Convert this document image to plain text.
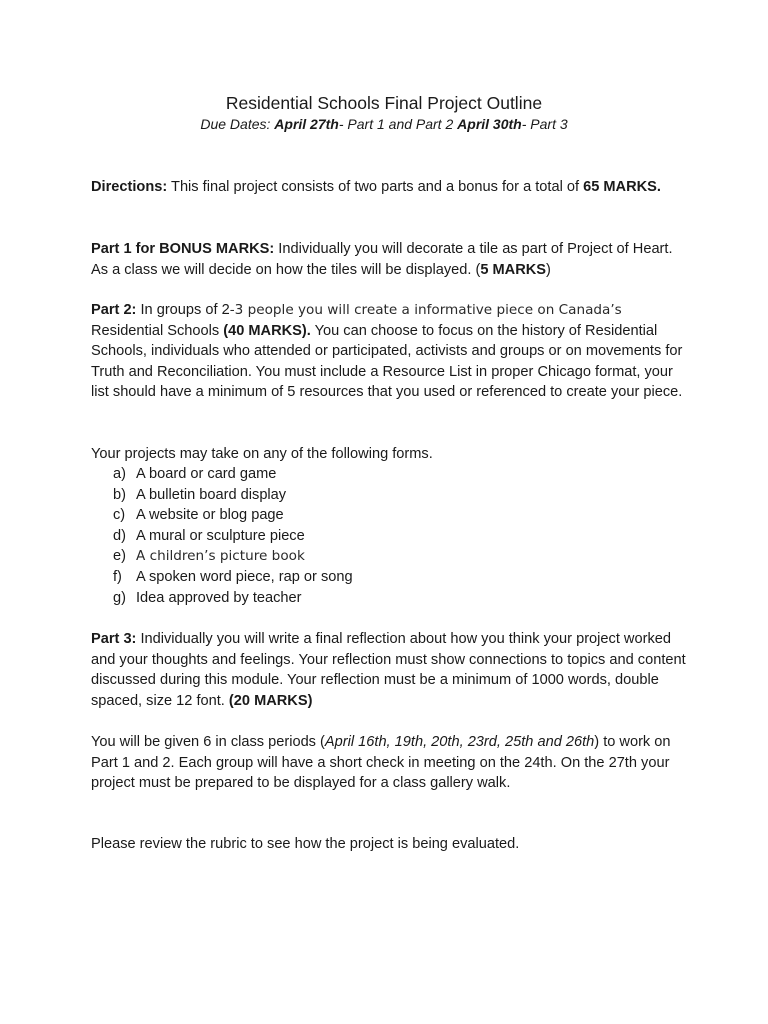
Residential Schools Final Project Outline
Due Dates: April 27th- Part 1 and Part 2 April 30th- Part 3
Directions: This final project consists of two parts and a bonus for a total of 65 MARKS.
Part 1 for BONUS MARKS: Individually you will decorate a tile as part of Project of Heart. As a class we will decide on how the tiles will be displayed. (5 MARKS)
Part 2: In groups of 2-3 people you will create a informative piece on Canada’s Residential Schools (40 MARKS). You can choose to focus on the history of Residential Schools, individuals who attended or participated, activists and groups or on movements for Truth and Reconciliation. You must include a Resource List in proper Chicago format, your list should have a minimum of 5 resources that you used or referenced to create your piece.
Your projects may take on any of the following forms.
a) A board or card game
b) A bulletin board display
c) A website or blog page
d) A mural or sculpture piece
e) A children’s picture book
f) A spoken word piece, rap or song
g) Idea approved by teacher
Part 3: Individually you will write a final reflection about how you think your project worked and your thoughts and feelings. Your reflection must show connections to topics and content discussed during this module. Your reflection must be a minimum of 1000 words, double spaced, size 12 font. (20 MARKS)
You will be given 6 in class periods (April 16th, 19th, 20th, 23rd, 25th and 26th) to work on Part 1 and 2. Each group will have a short check in meeting on the 24th. On the 27th your project must be prepared to be displayed for a class gallery walk.
Please review the rubric to see how the project is being evaluated.
